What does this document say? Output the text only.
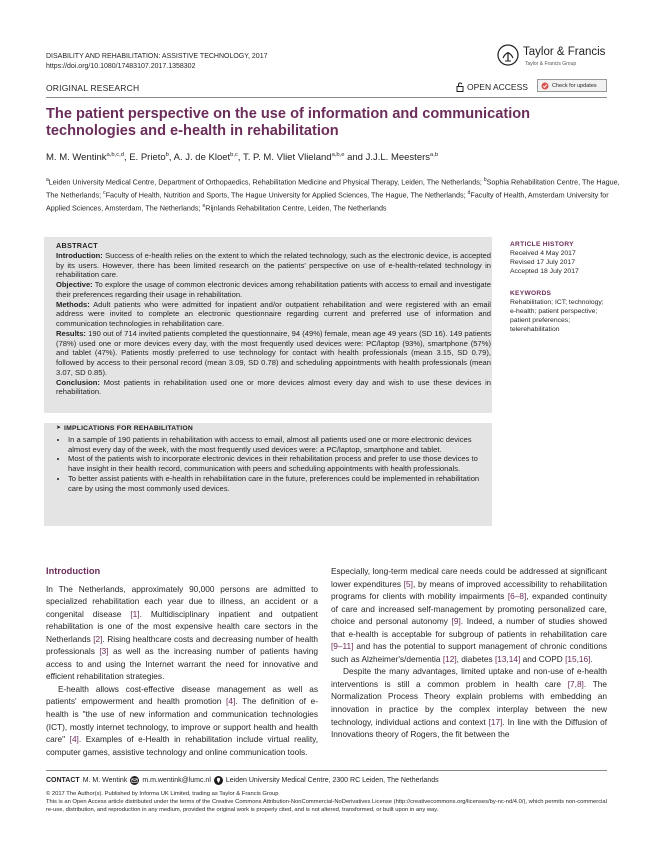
DISABILITY AND REHABILITATION: ASSISTIVE TECHNOLOGY, 2017
https://doi.org/10.1080/17483107.2017.1358302
Taylor & Francis
Taylor & Francis Group
ORIGINAL RESEARCH	OPEN ACCESS	Check for updates
The patient perspective on the use of information and communication technologies and e-health in rehabilitation
M. M. Wentink$^{a,b,c,d}$, E. Prieto$^b$, A. J. de Kloet$^{b,c}$, T. P. M. Vliet Vlieland$^{a,b,e}$ and J.J.L. Meesters$^{a,b}$
$^a$Leiden University Medical Centre, Department of Orthopaedics, Rehabilitation Medicine and Physical Therapy, Leiden, The Netherlands; $^b$Sophia Rehabilitation Centre, The Hague, The Netherlands; $^c$Faculty of Health, Nutrition and Sports, The Hague University for Applied Sciences, The Hague, The Netherlands; $^d$Faculty of Health, Amsterdam University for Applied Sciences, Amsterdam, The Netherlands; $^e$Rijnlands Rehabilitation Centre, Leiden, The Netherlands
ABSTRACT

Introduction: Success of e-health relies on the extent to which the related technology, such as the electronic device, is accepted by its users. However, there has been limited research on the patients' perspective on use of e-health-related technology in rehabilitation care.

Objective: To explore the usage of common electronic devices among rehabilitation patients with access to email and investigate their preferences regarding their usage in rehabilitation.

Methods: Adult patients who were admitted for inpatient and/or outpatient rehabilitation and were registered with an email address were invited to complete an electronic questionnaire regarding current and preferred use of information and communication technologies in rehabilitation care.

Results: 190 out of 714 invited patients completed the questionnaire, 94 (49%) female, mean age 49 years (SD 16). 149 patients (78%) used one or more devices every day, with the most frequently used devices were: PC/laptop (93%), smartphone (57%) and tablet (47%). Patients mostly preferred to use technology for contact with health professionals (mean 3.15, SD 0.79), followed by access to their personal record (mean 3.09, SD 0.78) and scheduling appointments with health professionals (mean 3.07, SD 0.85).

Conclusion: Most patients in rehabilitation used one or more devices almost every day and wish to use these devices in rehabilitation.

ARTICLE HISTORY
Received 4 May 2017
Revised 17 July 2017
Accepted 18 July 2017
KEYWORDS
Rehabilitation; ICT; technology; e-health; patient perspective; patient preferences; telerehabilitation
➤ IMPLICATIONS FOR REHABILITATION
• In a sample of 190 patients in rehabilitation with access to email, almost all patients used one or more electronic devices almost every day of the week, with the most frequently used devices were: a PC/laptop, smartphone and tablet.
• Most of the patients wish to incorporate electronic devices in their rehabilitation process and prefer to use those devices to have insight in their health record, communication with peers and scheduling appointments with health professionals.
• To better assist patients with e-health in rehabilitation care in the future, preferences could be implemented in rehabilitation care by using the most commonly used devices.
Introduction

In The Netherlands, approximately 90,000 persons are admitted to specialized rehabilitation each year due to illness, an accident or a congenital disease [1]. Multidisciplinary inpatient and outpatient rehabilitation is one of the most expensive health care sectors in the Netherlands [2]. Rising healthcare costs and decreasing number of health professionals [3] as well as the increasing number of patients having access to and using the Internet warrant the need for innovative and efficient rehabilitation strategies.

E-health allows cost-effective disease management as well as patients' empowerment and health promotion [4]. The definition of e-health is "the use of new information and communication technologies (ICT), mostly internet technology, to improve or support health and health care" [4]. Examples of e-Health in rehabilitation include virtual reality, computer games, assistive technology and online communication tools.

Especially, long-term medical care needs could be addressed at significant lower expenditures [5], by means of improved accessibility to rehabilitation programs for clients with mobility impairments [6–8], expanded continuity of care and increased self-management by promoting personalized care, choice and personal autonomy [9]. Indeed, a number of studies showed that e-health is acceptable for subgroup of patients in rehabilitation care [9–11] and has the potential to support management of chronic conditions such as Alzheimer's/dementia [12], diabetes [13,14] and COPD [15,16].

Despite the many advantages, limited uptake and non-use of e-health interventions is still a common problem in health care [7,8]. The Normalization Process Theory explain problems with embedding an innovation in practice by the complex interplay between the new technology, individual actions and context [17]. In line with the Diffusion of Innovations theory of Rogers, the fit between the

CONTACT M. M. Wentink m.m.wentink@lumc.nl Leiden University Medical Centre, 2300 RC Leiden, The Netherlands
© 2017 The Author(s). Published by Informa UK Limited, trading as Taylor & Francis Group
This is an Open Access article distributed under the terms of the Creative Commons Attribution-NonCommercial-NoDerivatives License (http://creativecommons.org/licenses/by-nc-nd/4.0/), which permits non-commercial re-use, distribution, and reproduction in any medium, provided the original work is properly cited, and is not altered, transformed, or built upon in any way.
